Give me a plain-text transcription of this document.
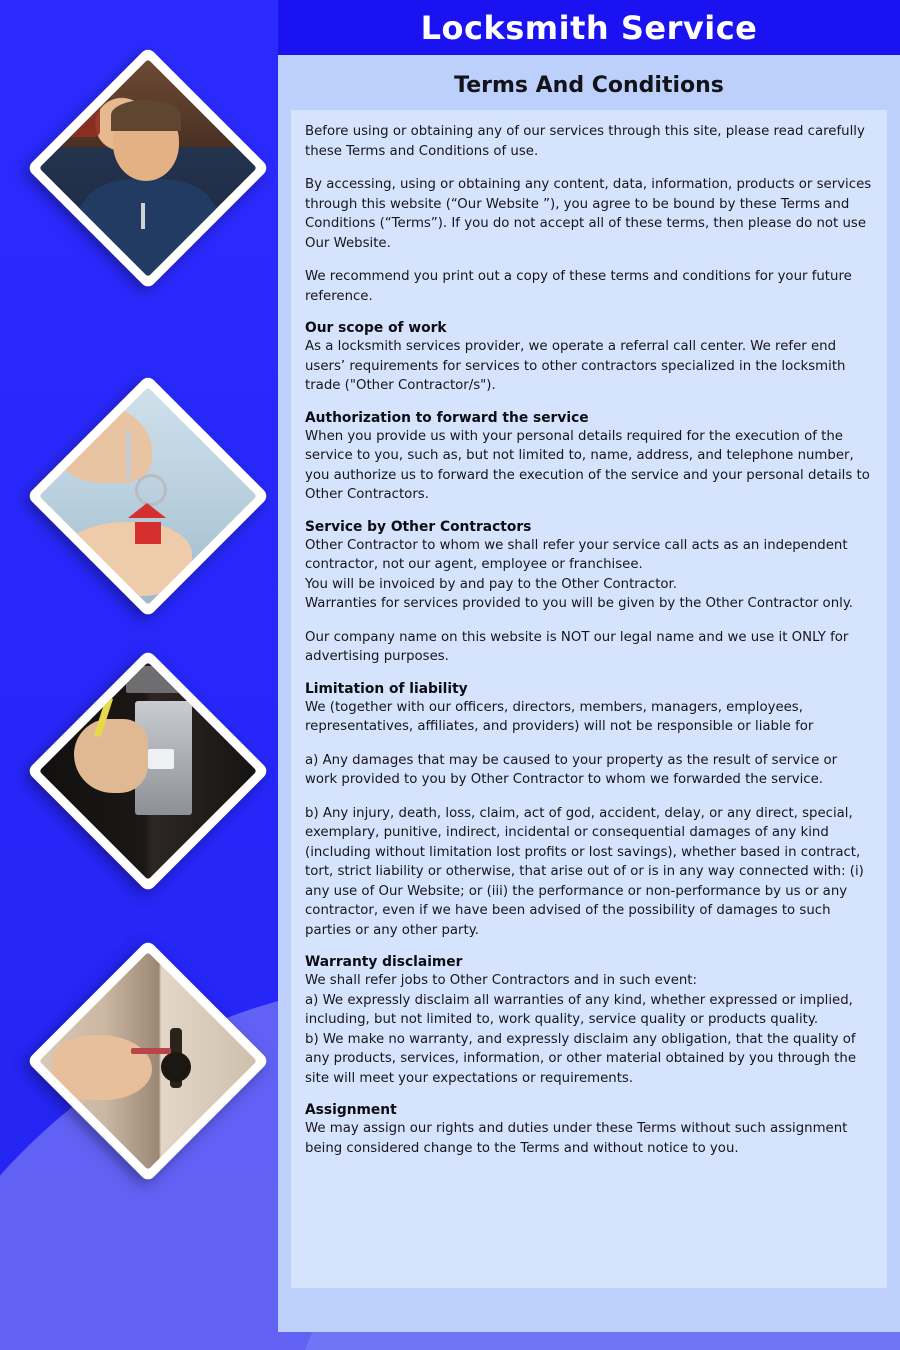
Locksmith Service
Terms And Conditions

Before using or obtaining any of our services through this site, please read carefully these Terms and Conditions of use.

By accessing, using or obtaining any content, data, information, products or services through this website (“Our Website ”), you agree to be bound by these Terms and Conditions (“Terms”). If you do not accept all of these terms, then please do not use Our Website.

We recommend you print out a copy of these terms and conditions for your future reference.

Our scope of work

As a locksmith services provider, we operate a referral call center. We refer end users’ requirements for services to other contractors specialized in the locksmith trade ("Other Contractor/s").

Authorization to forward the service

When you provide us with your personal details required for the execution of the service to you, such as, but not limited to, name, address, and telephone number, you authorize us to forward the execution of the service and your personal details to Other Contractors.

Service by Other Contractors

Other Contractor to whom we shall refer your service call acts as an independent contractor, not our agent, employee or franchisee.

You will be invoiced by and pay to the Other Contractor.

Warranties for services provided to you will be given by the Other Contractor only.

Our company name on this website is NOT our legal name and we use it ONLY for advertising purposes.

Limitation of liability

We (together with our officers, directors, members, managers, employees, representatives, affiliates, and providers) will not be responsible or liable for

a) Any damages that may be caused to your property as the result of service or work provided to you by Other Contractor to whom we forwarded the service.

b) Any injury, death, loss, claim, act of god, accident, delay, or any direct, special, exemplary, punitive, indirect, incidental or consequential damages of any kind (including without limitation lost profits or lost savings), whether based in contract, tort, strict liability or otherwise, that arise out of or is in any way connected with: (i) any use of Our Website; or (iii) the performance or non-performance by us or any contractor, even if we have been advised of the possibility of damages to such parties or any other party.

Warranty disclaimer

We shall refer jobs to Other Contractors and in such event:

a) We expressly disclaim all warranties of any kind, whether expressed or implied, including, but not limited to, work quality, service quality or products quality.

b) We make no warranty, and expressly disclaim any obligation, that the quality of any products, services, information, or other material obtained by you through the site will meet your expectations or requirements.

Assignment

We may assign our rights and duties under these Terms without such assignment being considered change to the Terms and without notice to you.
